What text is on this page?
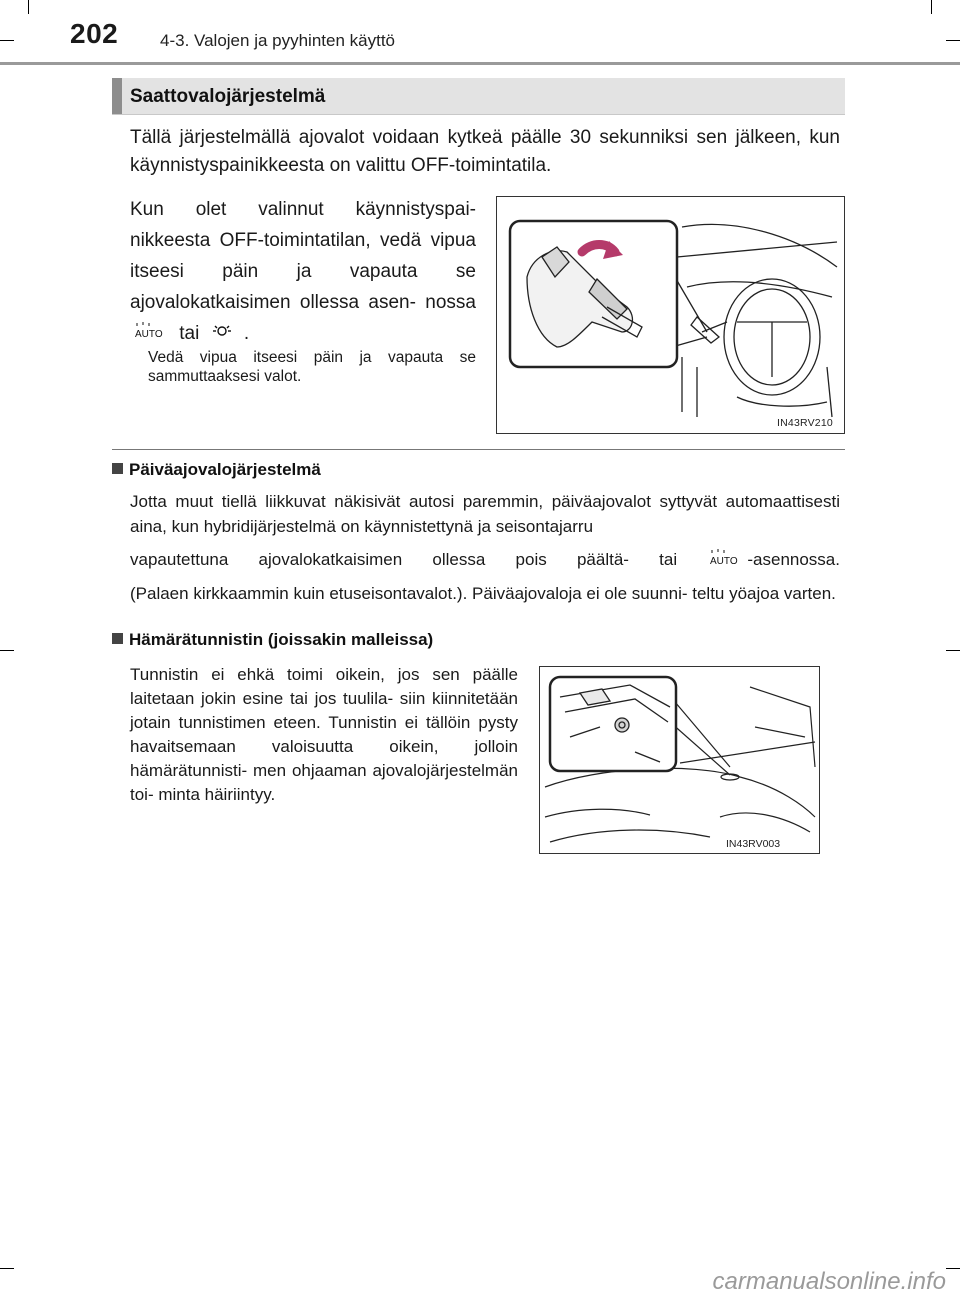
202 4-3. Valojen ja pyyhinten käyttö
Saattovalojärjestelmä
Tällä järjestelmällä ajovalot voidaan kytkeä päälle 30 sekunniksi sen jälkeen, kun käynnistyspainikkeesta on valittu OFF-toimintatila.
Kun olet valinnut käynnistyspai- nikkeesta OFF-toimintatilan, vedä vipua itseesi päin ja vapauta se ajovalokatkaisimen ollessa asen- nossa
AUTO tai .
Vedä vipua itseesi päin ja vapauta se sammuttaaksesi valot.
IN43RV210
Päiväajovalojärjestelmä
Jotta muut tiellä liikkuvat näkisivät autosi paremmin, päiväajovalot syttyvät automaattisesti aina, kun hybridijärjestelmä on käynnistettynä ja seisontajarru
vapautettuna ajovalokatkaisimen ollessa pois päältä- tai	AUTO -asennossa.
(Palaen kirkkaammin kuin etuseisontavalot.). Päiväajovaloja ei ole suunni- teltu yöajoa varten.
Hämärätunnistin (joissakin malleissa)
Tunnistin ei ehkä toimi oikein, jos sen päälle laitetaan jokin esine tai jos tuulila- siin kiinnitetään jotain tunnistimen eteen. Tunnistin ei tällöin pysty havaitsemaan valoisuutta oikein, jolloin hämärätunnisti- men ohjaaman ajovalojärjestelmän toi- minta häiriintyy.
IN43RV003
carmanualsonline.info
